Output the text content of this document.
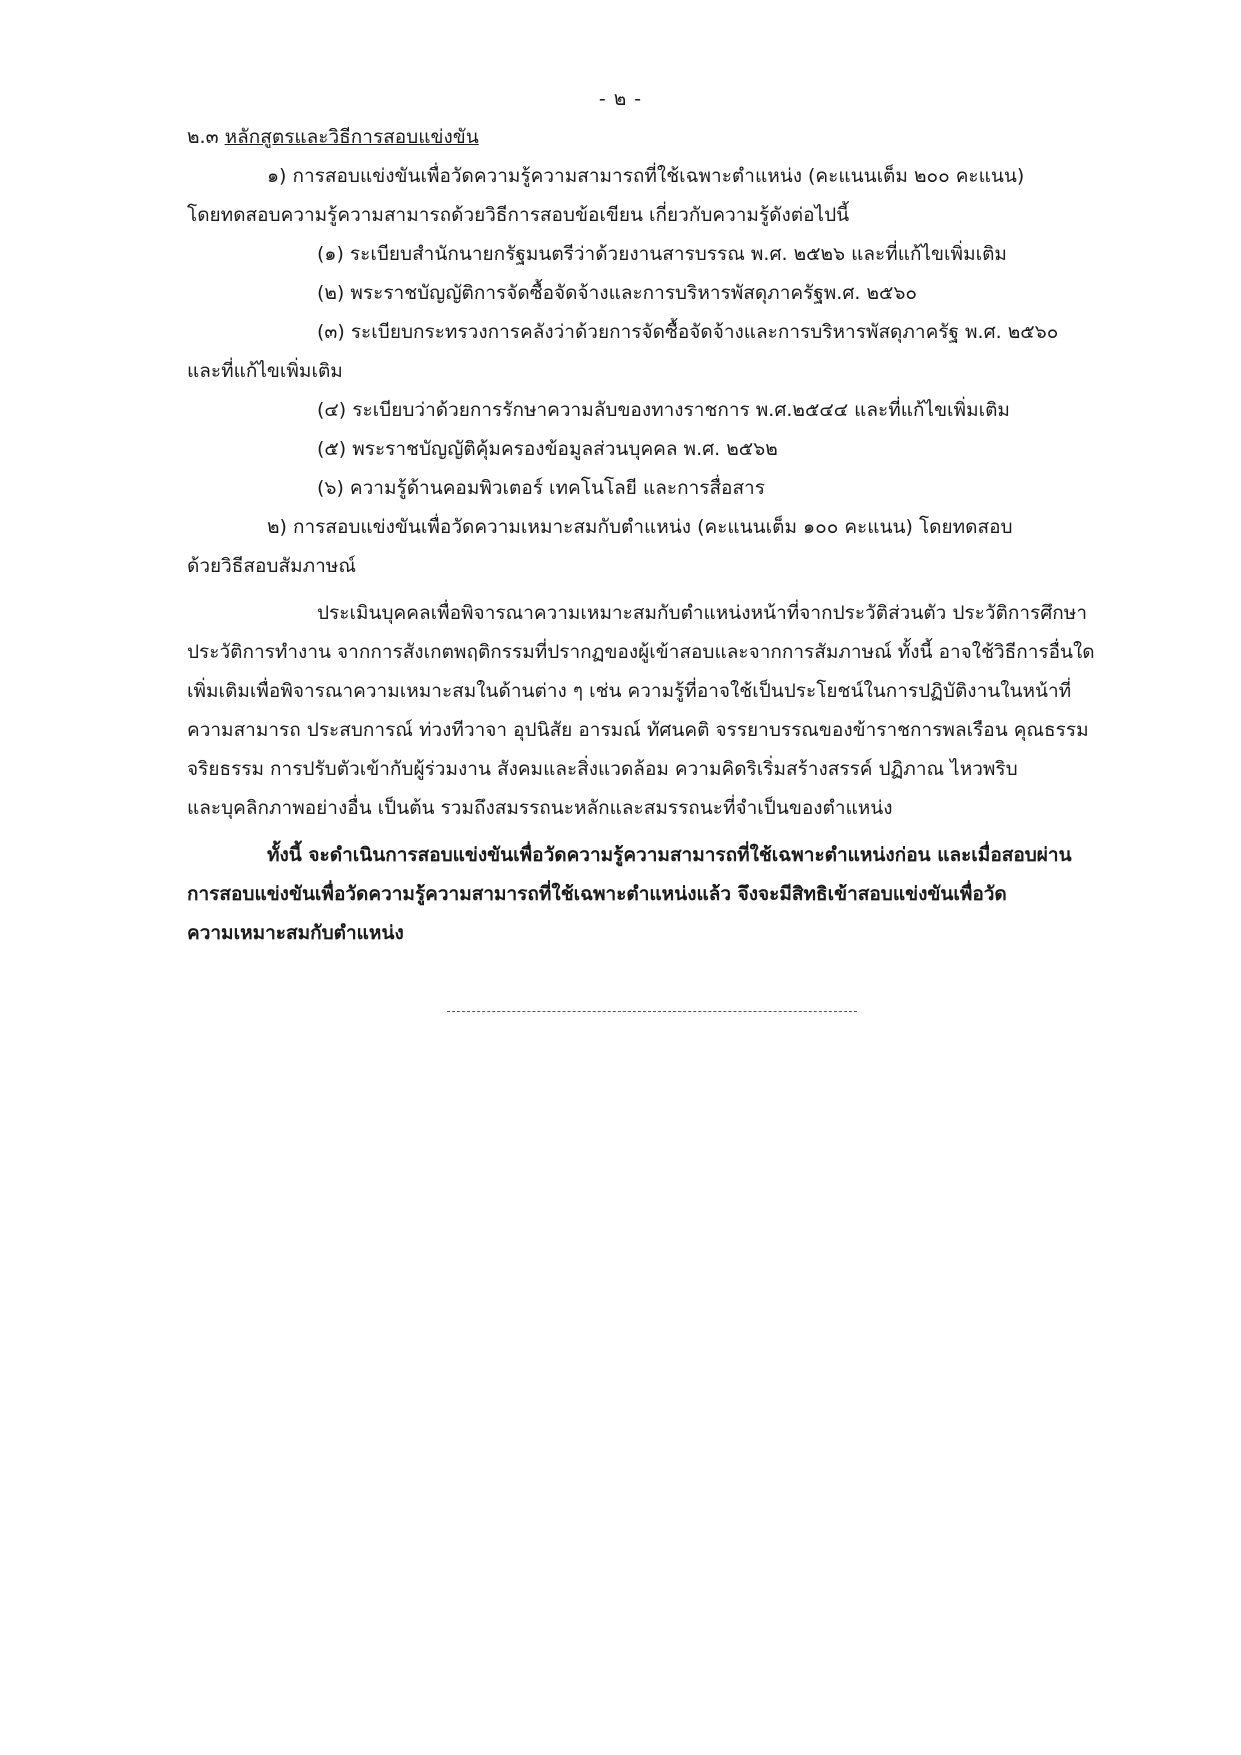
- ๒ -
๒.๓ หลักสูตรและวิธีการสอบแข่งขัน
๑) การสอบแข่งขันเพื่อวัดความรู้ความสามารถที่ใช้เฉพาะตำแหน่ง (คะแนนเต็ม ๒๐๐ คะแนน)
โดยทดสอบความรู้ความสามารถด้วยวิธีการสอบข้อเขียน เกี่ยวกับความรู้ดังต่อไปนี้
(๑) ระเบียบสำนักนายกรัฐมนตรีว่าด้วยงานสารบรรณ พ.ศ. ๒๕๒๖ และที่แก้ไขเพิ่มเติม
(๒) พระราชบัญญัติการจัดซื้อจัดจ้างและการบริหารพัสดุภาครัฐพ.ศ. ๒๕๖๐
(๓) ระเบียบกระทรวงการคลังว่าด้วยการจัดซื้อจัดจ้างและการบริหารพัสดุภาครัฐ พ.ศ. ๒๕๖๐
และที่แก้ไขเพิ่มเติม
(๔) ระเบียบว่าด้วยการรักษาความลับของทางราชการ พ.ศ.๒๕๔๔ และที่แก้ไขเพิ่มเติม
(๕) พระราชบัญญัติคุ้มครองข้อมูลส่วนบุคคล พ.ศ. ๒๕๖๒
(๖) ความรู้ด้านคอมพิวเตอร์ เทคโนโลยี และการสื่อสาร
๒) การสอบแข่งขันเพื่อวัดความเหมาะสมกับตำแหน่ง (คะแนนเต็ม ๑๐๐ คะแนน) โดยทดสอบ
ด้วยวิธีสอบสัมภาษณ์
ประเมินบุคคลเพื่อพิจารณาความเหมาะสมกับตำแหน่งหน้าที่จากประวัติส่วนตัว ประวัติการศึกษา
ประวัติการทำงาน จากการสังเกตพฤติกรรมที่ปรากฏของผู้เข้าสอบและจากการสัมภาษณ์ ทั้งนี้ อาจใช้วิธีการอื่นใด
เพิ่มเติมเพื่อพิจารณาความเหมาะสมในด้านต่าง ๆ เช่น ความรู้ที่อาจใช้เป็นประโยชน์ในการปฏิบัติงานในหน้าที่
ความสามารถ ประสบการณ์ ท่วงทีวาจา อุปนิสัย อารมณ์ ทัศนคติ จรรยาบรรณของข้าราชการพลเรือน คุณธรรม
จริยธรรม การปรับตัวเข้ากับผู้ร่วมงาน สังคมและสิ่งแวดล้อม ความคิดริเริ่มสร้างสรรค์ ปฏิภาณ ไหวพริบ
และบุคลิกภาพอย่างอื่น เป็นต้น รวมถึงสมรรถนะหลักและสมรรถนะที่จำเป็นของตำแหน่ง
ทั้งนี้ จะดำเนินการสอบแข่งขันเพื่อวัดความรู้ความสามารถที่ใช้เฉพาะตำแหน่งก่อน และเมื่อสอบผ่าน
การสอบแข่งขันเพื่อวัดความรู้ความสามารถที่ใช้เฉพาะตำแหน่งแล้ว จึงจะมีสิทธิเข้าสอบแข่งขันเพื่อวัด
ความเหมาะสมกับตำแหน่ง
